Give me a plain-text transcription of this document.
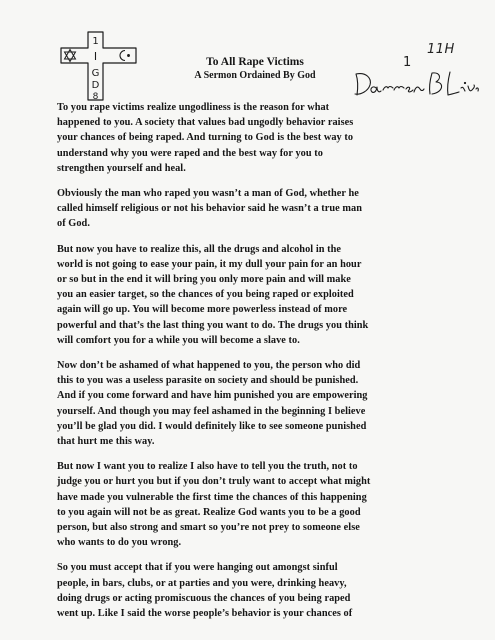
1
I
G
D
8
11H
1
To All Rape Victims
A Sermon Ordained By God

To you rape victims realize ungodliness is the reason for what
happened to you. A society that values bad ungodly behavior raises
your chances of being raped. And turning to God is the best way to
understand why you were raped and the best way for you to
strengthen yourself and heal.

Obviously the man who raped you wasn’t a man of God, whether he
called himself religious or not his behavior said he wasn’t a true man
of God.

But now you have to realize this, all the drugs and alcohol in the
world is not going to ease your pain, it my dull your pain for an hour
or so but in the end it will bring you only more pain and will make
you an easier target, so the chances of you being raped or exploited
again will go up. You will become more powerless instead of more
powerful and that’s the last thing you want to do. The drugs you think
will comfort you for a while you will become a slave to.

Now don’t be ashamed of what happened to you, the person who did
this to you was a useless parasite on society and should be punished.
And if you come forward and have him punished you are empowering
yourself. And though you may feel ashamed in the beginning I believe
you’ll be glad you did. I would definitely like to see someone punished
that hurt me this way.

But now I want you to realize I also have to tell you the truth, not to
judge you or hurt you but if you don’t truly want to accept what might
have made you vulnerable the first time the chances of this happening
to you again will not be as great. Realize God wants you to be a good
person, but also strong and smart so you’re not prey to someone else
who wants to do you wrong.

So you must accept that if you were hanging out amongst sinful
people, in bars, clubs, or at parties and you were, drinking heavy,
doing drugs or acting promiscuous the chances of you being raped
went up. Like I said the worse people’s behavior is your chances of
